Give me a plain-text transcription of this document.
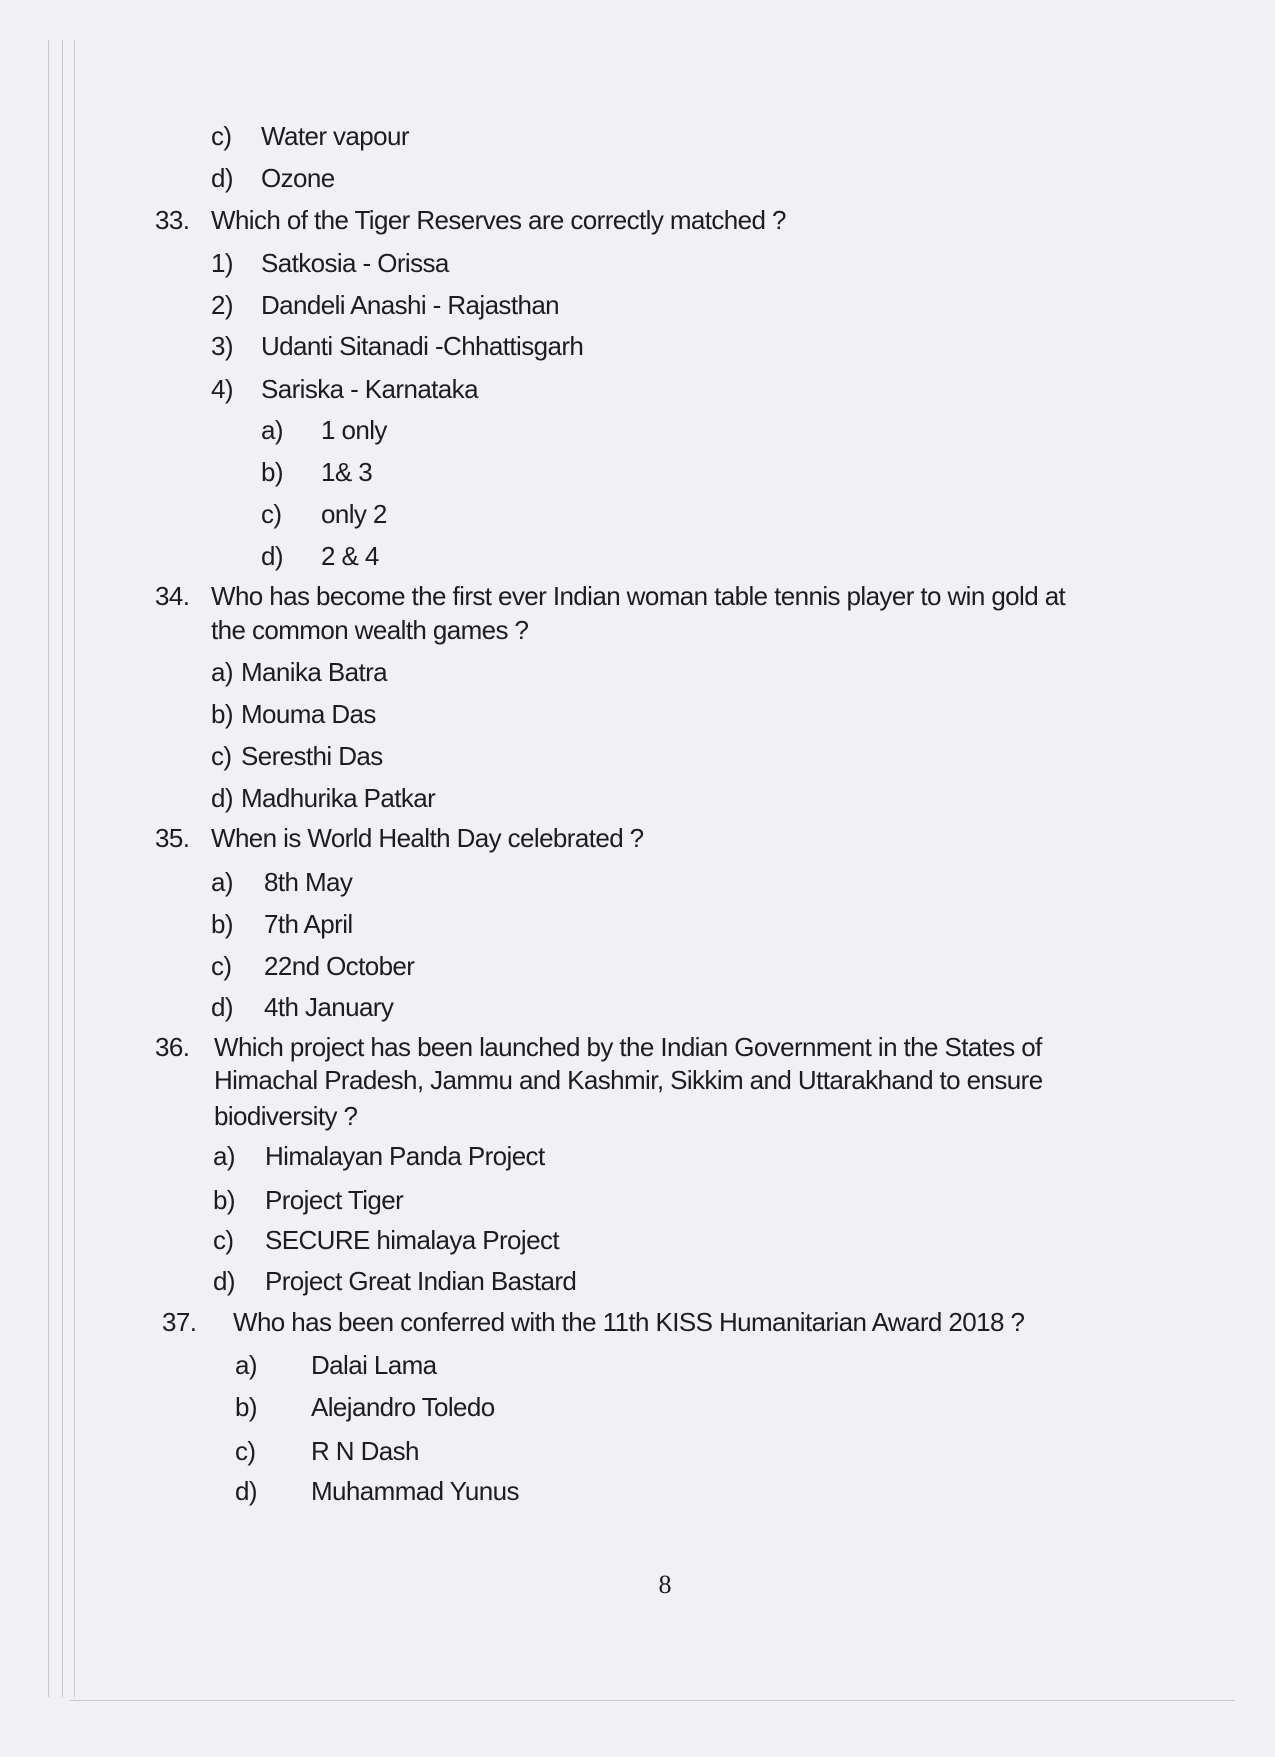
c) Water vapour
d) Ozone
33. Which of the Tiger Reserves are correctly matched ?
1) Satkosia - Orissa
2) Dandeli Anashi - Rajasthan
3) Udanti Sitanadi -Chhattisgarh
4) Sariska - Karnataka
a) 1 only
b) 1& 3
c) only 2
d) 2 & 4
34. Who has become the first ever Indian woman table tennis player to win gold at
the common wealth games ?
a) Manika Batra
b) Mouma Das
c) Seresthi Das
d) Madhurika Patkar
35. When is World Health Day celebrated ?
a) 8th May
b) 7th April
c) 22nd October
d) 4th January
36. Which project has been launched by the Indian Government in the States of
Himachal Pradesh, Jammu and Kashmir, Sikkim and Uttarakhand to ensure
biodiversity ?
a) Himalayan Panda Project
b) Project Tiger
c) SECURE himalaya Project
d) Project Great Indian Bastard
37. Who has been conferred with the 11th KISS Humanitarian Award 2018 ?
a) Dalai Lama
b) Alejandro Toledo
c) R N Dash
d) Muhammad Yunus
8
